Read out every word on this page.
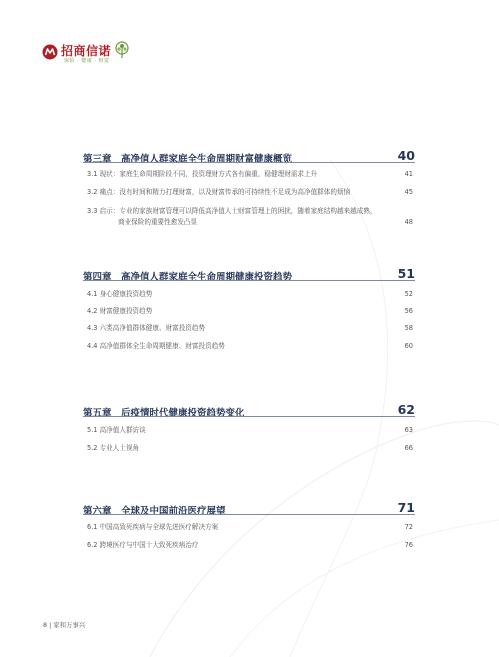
招商信诺
保险 · 健康 · 财富
第三章　高净值人群家庭全生命周期财富健康概览	40
3.1 现状：家庭生命周期阶段不同，投资理财方式各有偏重，稳健理财需求上升	41
3.2 痛点：没有时间和精力打理财富，以及财富传承的可持续性不足成为高净值群体的烦恼	45
3.3 启示：专业的家族财富管理可以降低高净值人士财富管理上的困扰，随着家庭结构越来越成熟，
商业保险的重要性愈发凸显	48
第四章　高净值人群家庭全生命周期健康投资趋势	51
4.1 身心健康投资趋势	52
4.2 财富健康投资趋势	56
4.3 六类高净值群体健康、财富投资趋势	58
4.4 高净值群体全生命周期健康、财富投资趋势	60
第五章　后疫情时代健康投资趋势变化	62
5.1 高净值人群访谈	63
5.2 专业人士视角	66
第六章　全球及中国前沿医疗展望	71
6.1 中国高致死疾病与全球先进医疗解决方案	72
6.2 跨境医疗与中国十大致死疾病治疗	76
8 | 家和万事兴
